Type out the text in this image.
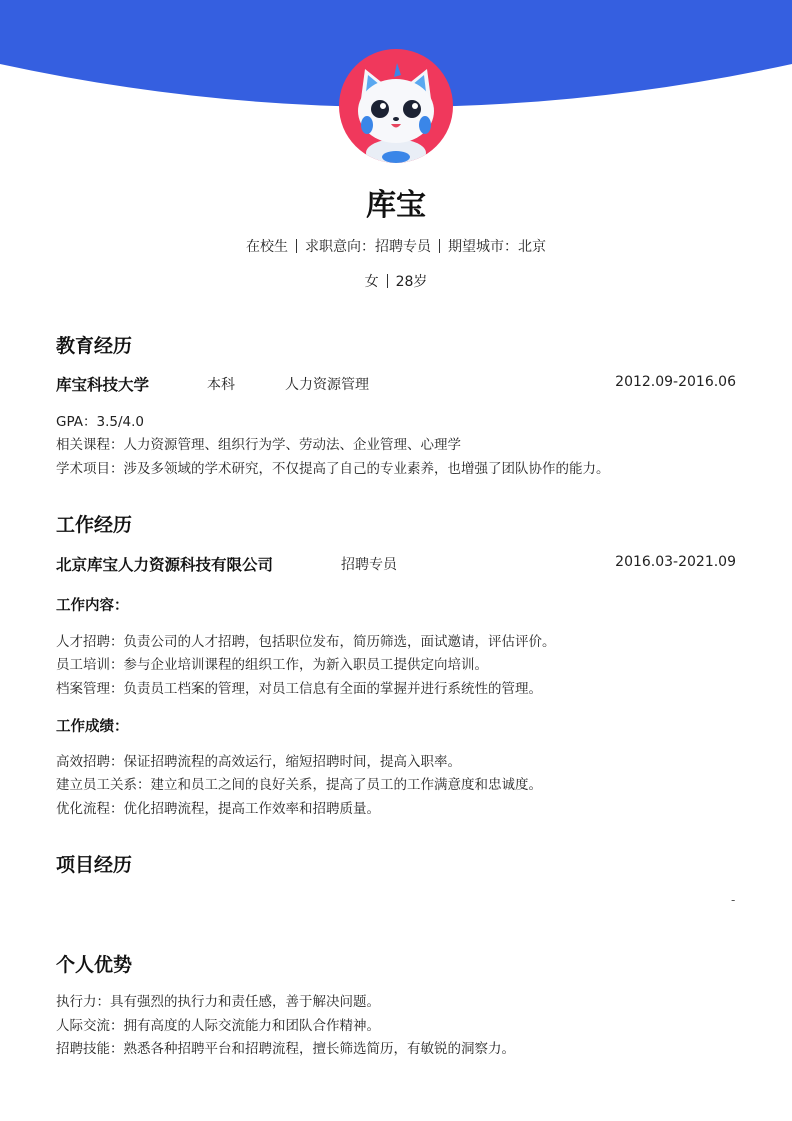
库宝
在校生 求职意向：招聘专员 期望城市：北京
女 28岁
教育经历
库宝科技大学	本科	人力资源管理	2012.09-2016.06
GPA：3.5/4.0
相关课程：人力资源管理、组织行为学、劳动法、企业管理、心理学
学术项目：涉及多领域的学术研究，不仅提高了自己的专业素养，也增强了团队协作的能力。
工作经历
北京库宝人力资源科技有限公司	招聘专员	2016.03-2021.09
工作内容：
人才招聘：负责公司的人才招聘，包括职位发布，简历筛选，面试邀请，评估评价。
员工培训：参与企业培训课程的组织工作，为新入职员工提供定向培训。
档案管理：负责员工档案的管理，对员工信息有全面的掌握并进行系统性的管理。
工作成绩：
高效招聘：保证招聘流程的高效运行，缩短招聘时间，提高入职率。
建立员工关系：建立和员工之间的良好关系，提高了员工的工作满意度和忠诚度。
优化流程：优化招聘流程，提高工作效率和招聘质量。
项目经历
-
个人优势
执行力：具有强烈的执行力和责任感，善于解决问题。
人际交流：拥有高度的人际交流能力和团队合作精神。
招聘技能：熟悉各种招聘平台和招聘流程，擅长筛选简历，有敏锐的洞察力。
